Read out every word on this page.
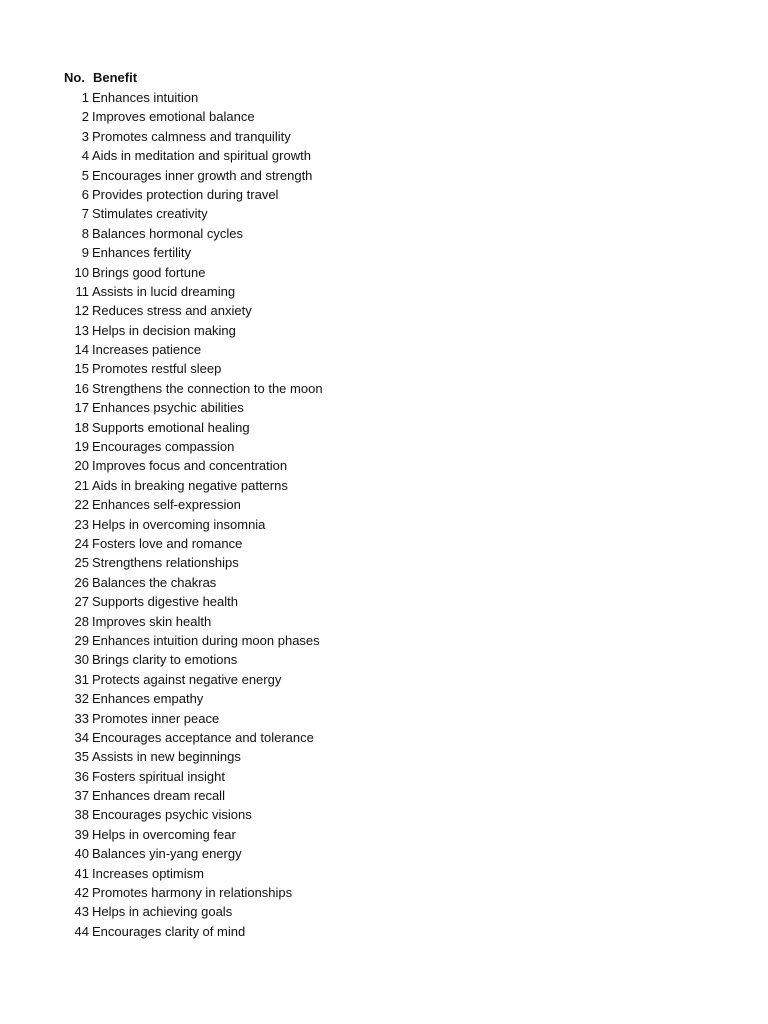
No. Benefit
1 Enhances intuition
2 Improves emotional balance
3 Promotes calmness and tranquility
4 Aids in meditation and spiritual growth
5 Encourages inner growth and strength
6 Provides protection during travel
7 Stimulates creativity
8 Balances hormonal cycles
9 Enhances fertility
10 Brings good fortune
11 Assists in lucid dreaming
12 Reduces stress and anxiety
13 Helps in decision making
14 Increases patience
15 Promotes restful sleep
16 Strengthens the connection to the moon
17 Enhances psychic abilities
18 Supports emotional healing
19 Encourages compassion
20 Improves focus and concentration
21 Aids in breaking negative patterns
22 Enhances self-expression
23 Helps in overcoming insomnia
24 Fosters love and romance
25 Strengthens relationships
26 Balances the chakras
27 Supports digestive health
28 Improves skin health
29 Enhances intuition during moon phases
30 Brings clarity to emotions
31 Protects against negative energy
32 Enhances empathy
33 Promotes inner peace
34 Encourages acceptance and tolerance
35 Assists in new beginnings
36 Fosters spiritual insight
37 Enhances dream recall
38 Encourages psychic visions
39 Helps in overcoming fear
40 Balances yin-yang energy
41 Increases optimism
42 Promotes harmony in relationships
43 Helps in achieving goals
44 Encourages clarity of mind
